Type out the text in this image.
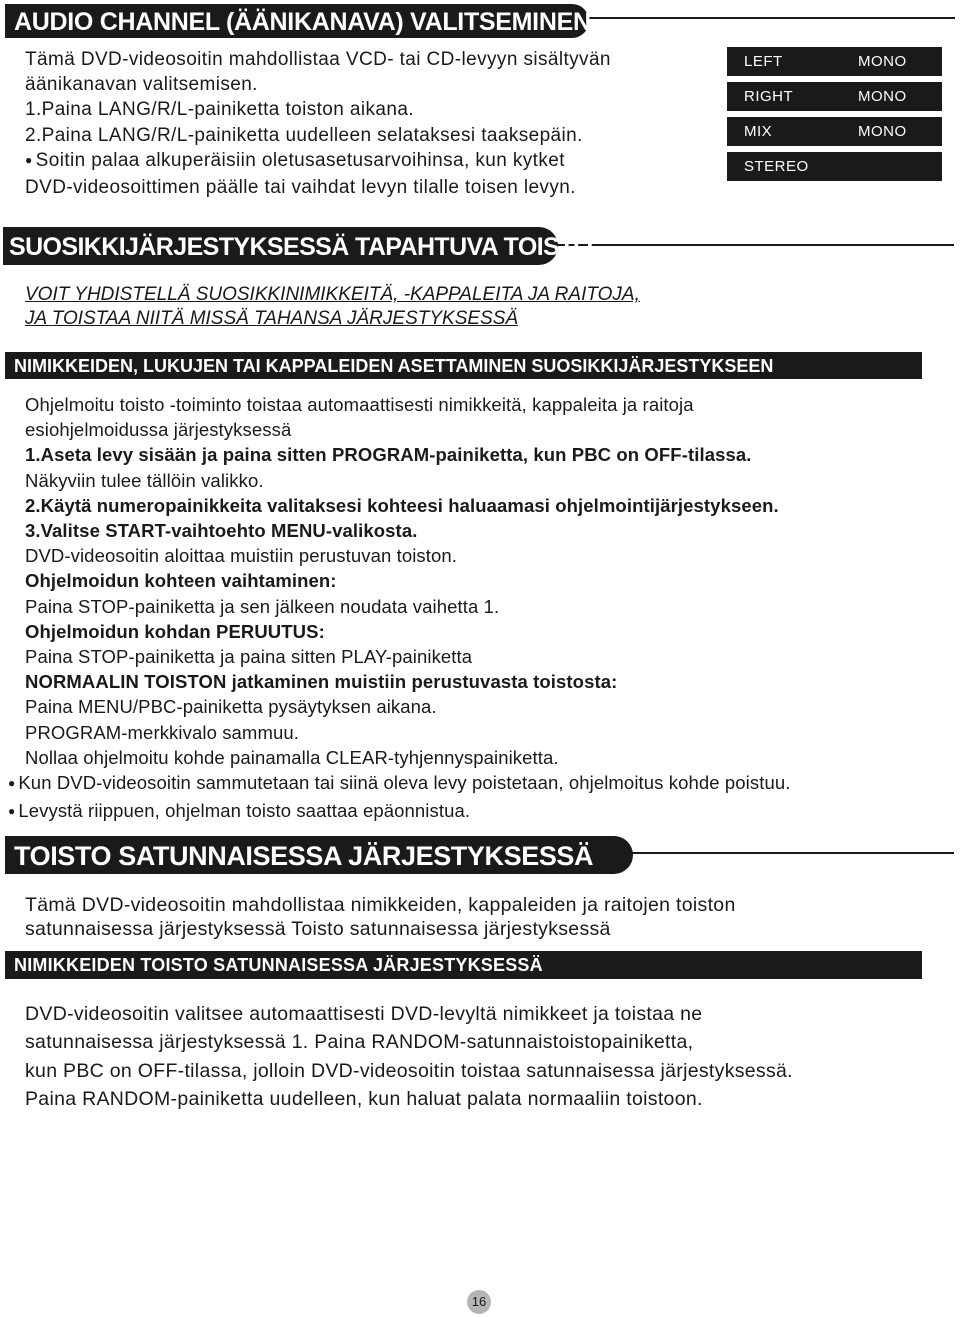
AUDIO CHANNEL (ÄÄNIKANAVA) VALITSEMINEN
Tämä DVD-videosoitin mahdollistaa VCD- tai CD-levyyn sisältyvän
äänikanavan valitsemisen.
1.Paina LANG/R/L-painiketta toiston aikana.
2.Paina LANG/R/L-painiketta uudelleen selataksesi taaksepäin.
● Soitin palaa alkuperäisiin oletusasetusarvoihinsa, kun kytket
DVD-videosoittimen päälle tai vaihdat levyn tilalle toisen levyn.
LEFT	MONO
RIGHT	MONO
MIX	MONO
STEREO
SUOSIKKIJÄRJESTYKSESSÄ TAPAHTUVA TOISTO
VOIT YHDISTELLÄ SUOSIKKINIMIKKEITÄ, -KAPPALEITA JA RAITOJA,
JA TOISTAA NIITÄ MISSÄ TAHANSA JÄRJESTYKSESSÄ
NIMIKKEIDEN, LUKUJEN TAI KAPPALEIDEN ASETTAMINEN SUOSIKKIJÄRJESTYKSEEN
Ohjelmoitu toisto -toiminto toistaa automaattisesti nimikkeitä, kappaleita ja raitoja
esiohjelmoidussa järjestyksessä
1.Aseta levy sisään ja paina sitten PROGRAM-painiketta, kun PBC on OFF-tilassa.
Näkyviin tulee tällöin valikko.
2.Käytä numeropainikkeita valitaksesi kohteesi haluaamasi ohjelmointijärjestykseen.
3.Valitse START-vaihtoehto MENU-valikosta.
DVD-videosoitin aloittaa muistiin perustuvan toiston.
Ohjelmoidun kohteen vaihtaminen:
Paina STOP-painiketta ja sen jälkeen noudata vaihetta 1.
Ohjelmoidun kohdan PERUUTUS:
Paina STOP-painiketta ja paina sitten PLAY-painiketta
NORMAALIN TOISTON jatkaminen muistiin perustuvasta toistosta:
Paina MENU/PBC-painiketta pysäytyksen aikana.
PROGRAM-merkkivalo sammuu.
Nollaa ohjelmoitu kohde painamalla CLEAR-tyhjennyspainiketta.
● Kun DVD-videosoitin sammutetaan tai siinä oleva levy poistetaan, ohjelmoitus kohde poistuu.
● Levystä riippuen, ohjelman toisto saattaa epäonnistua.
TOISTO SATUNNAISESSA JÄRJESTYKSESSÄ
Tämä DVD-videosoitin mahdollistaa nimikkeiden, kappaleiden ja raitojen toiston
satunnaisessa järjestyksessä Toisto satunnaisessa järjestyksessä
NIMIKKEIDEN TOISTO SATUNNAISESSA JÄRJESTYKSESSÄ
DVD-videosoitin valitsee automaattisesti DVD-levyltä nimikkeet ja toistaa ne
satunnaisessa järjestyksessä 1. Paina RANDOM-satunnaistoistopainiketta,
kun PBC on OFF-tilassa, jolloin DVD-videosoitin toistaa satunnaisessa järjestyksessä.
Paina RANDOM-painiketta uudelleen, kun haluat palata normaaliin toistoon.
16
